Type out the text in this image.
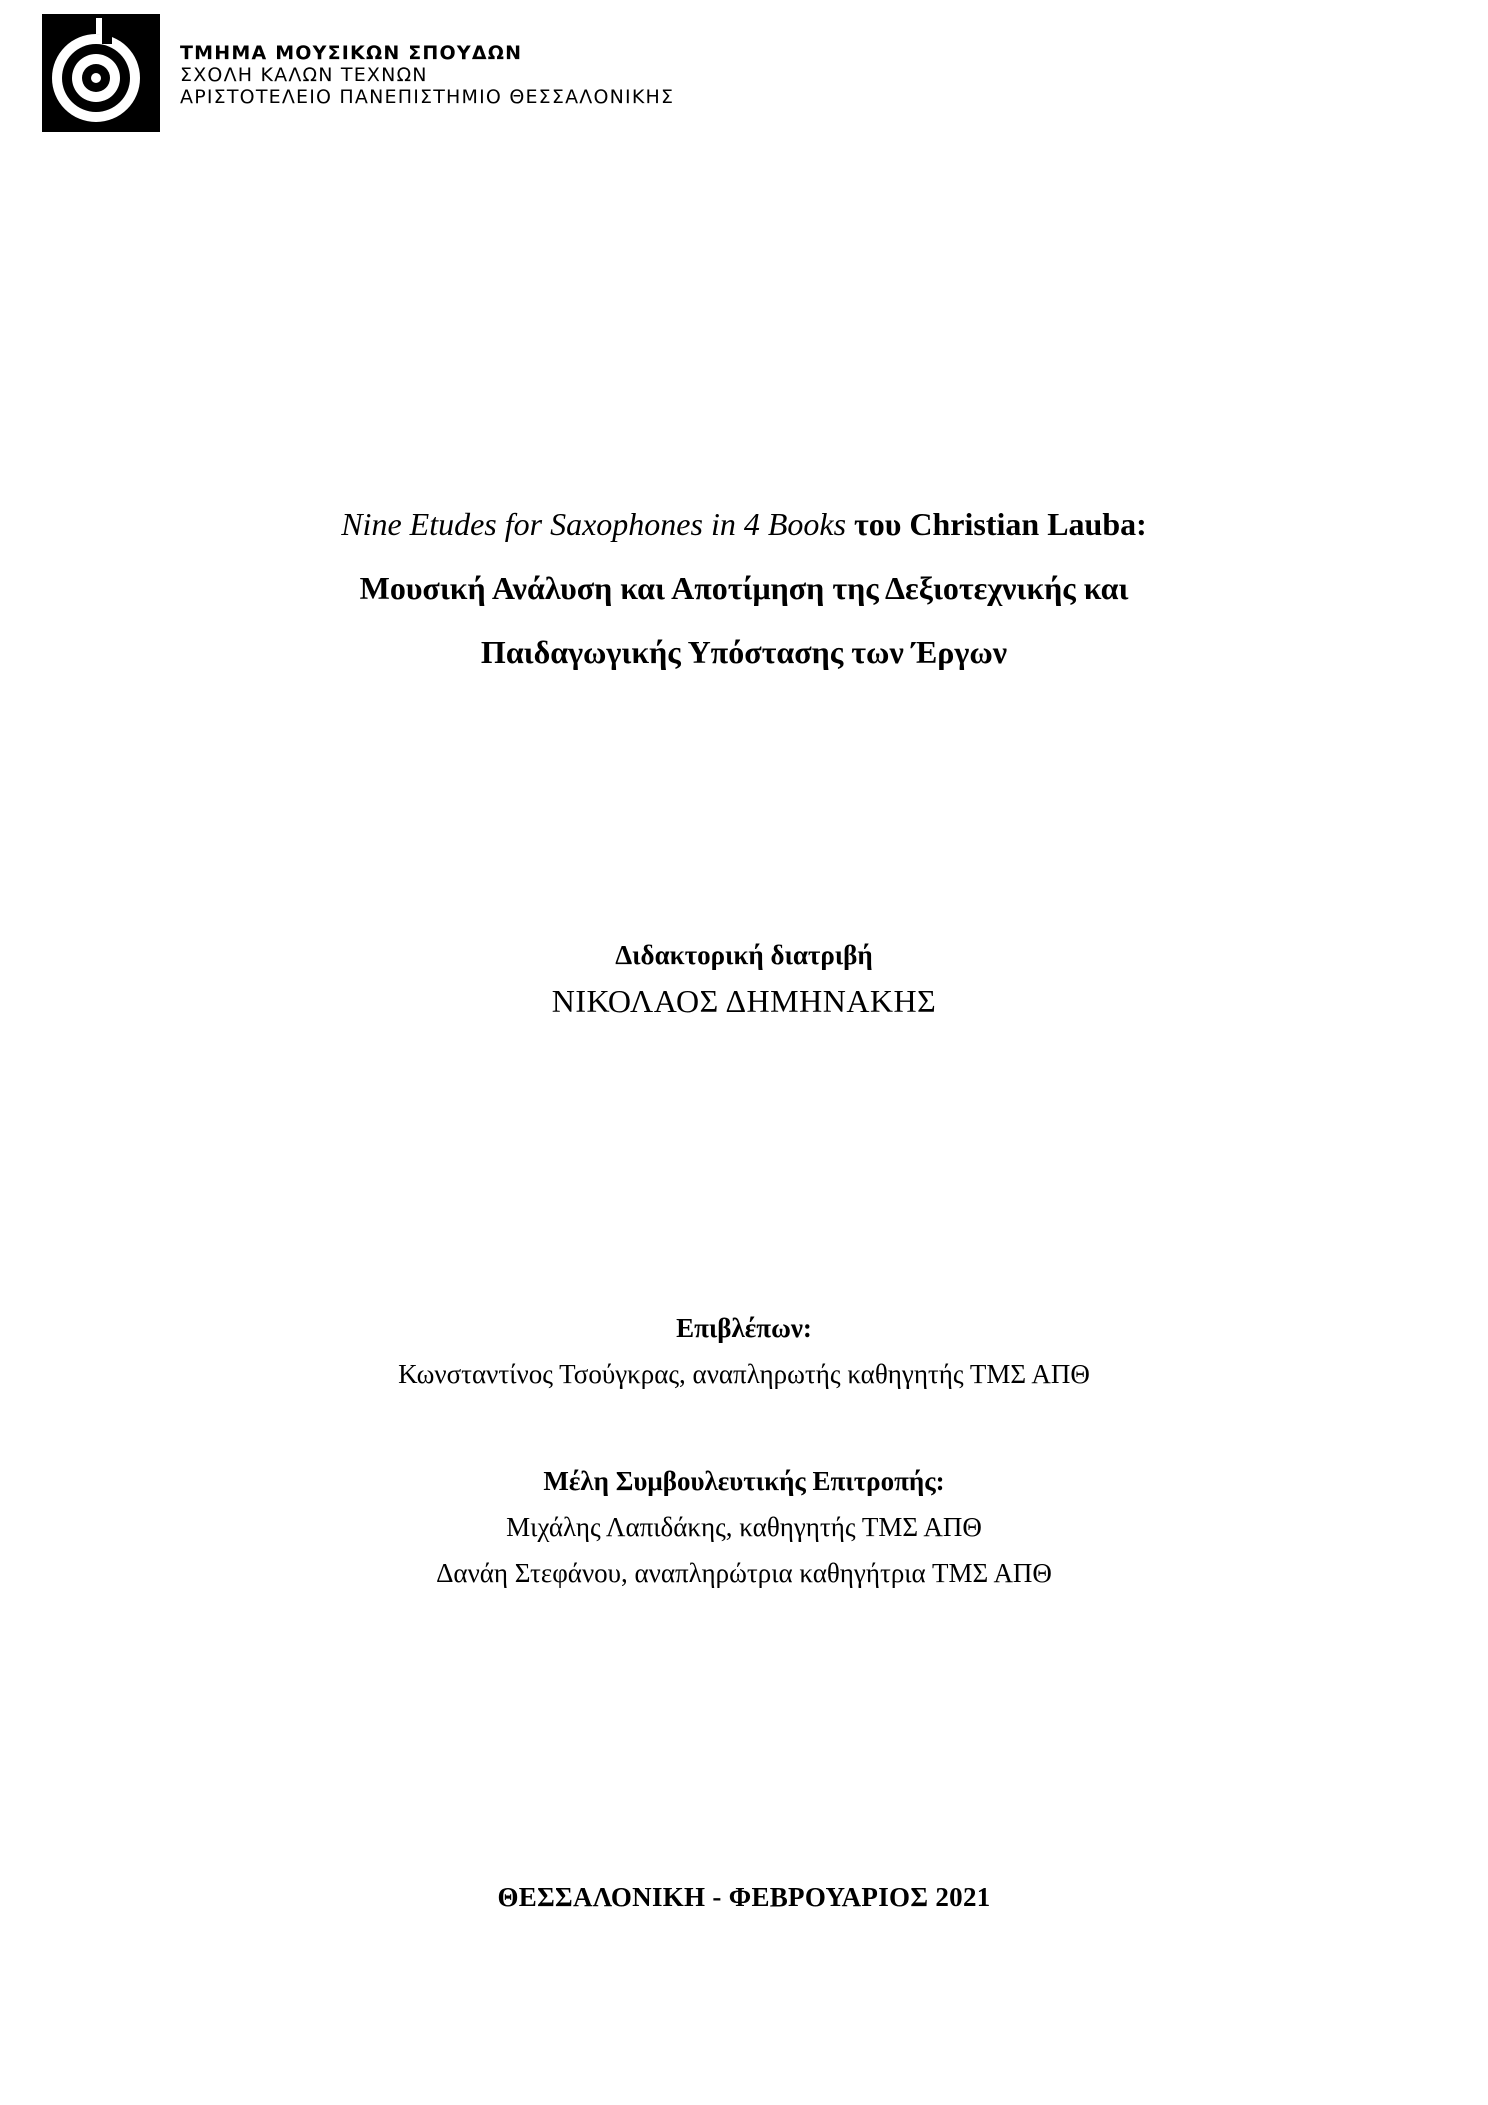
ΤΜΗΜΑ ΜΟΥΣΙΚΩΝ ΣΠΟΥΔΩΝ
ΣΧΟΛΗ ΚΑΛΩΝ ΤΕΧΝΩΝ
ΑΡΙΣΤΟΤΕΛΕΙΟ ΠΑΝΕΠΙΣΤΗΜΙΟ ΘΕΣΣΑΛΟΝΙΚΗΣ
Nine Etudes for Saxophones in 4 Books του Christian Lauba:
Μουσική Ανάλυση και Αποτίμηση της Δεξιοτεχνικής και
Παιδαγωγικής Υπόστασης των Έργων
Διδακτορική διατριβή
ΝΙΚΟΛΑΟΣ ΔΗΜΗΝΑΚΗΣ
Επιβλέπων:
Κωνσταντίνος Τσούγκρας, αναπληρωτής καθηγητής ΤΜΣ ΑΠΘ
Μέλη Συμβουλευτικής Επιτροπής:
Μιχάλης Λαπιδάκης, καθηγητής ΤΜΣ ΑΠΘ
Δανάη Στεφάνου, αναπληρώτρια καθηγήτρια ΤΜΣ ΑΠΘ
ΘΕΣΣΑΛΟΝΙΚΗ - ΦΕΒΡΟΥΑΡΙΟΣ 2021
